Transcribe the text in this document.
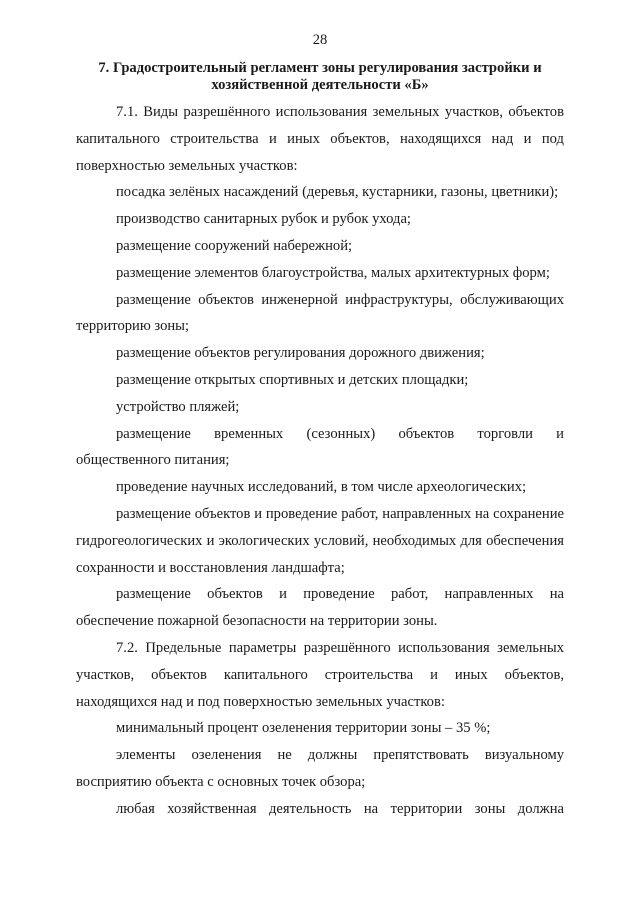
28
7. Градостроительный регламент зоны регулирования застройки и хозяйственной деятельности «Б»

7.1. Виды разрешённого использования земельных участков, объектов капитального строительства и иных объектов, находящихся над и под поверхностью земельных участков:

посадка зелёных насаждений (деревья, кустарники, газоны, цветники);

производство санитарных рубок и рубок ухода;

размещение сооружений набережной;

размещение элементов благоустройства, малых архитектурных форм;

размещение объектов инженерной инфраструктуры, обслуживающих территорию зоны;

размещение объектов регулирования дорожного движения;

размещение открытых спортивных и детских площадки;

устройство пляжей;

размещение временных (сезонных) объектов торговли и общественного питания;

проведение научных исследований, в том числе археологических;

размещение объектов и проведение работ, направленных на сохранение гидрогеологических и экологических условий, необходимых для обеспечения сохранности и восстановления ландшафта;

размещение объектов и проведение работ, направленных на обеспечение пожарной безопасности на территории зоны.

7.2. Предельные параметры разрешённого использования земельных участков, объектов капитального строительства и иных объектов, находящихся над и под поверхностью земельных участков:

минимальный процент озеленения территории зоны – 35 %;

элементы озеленения не должны препятствовать визуальному восприятию объекта с основных точек обзора;

любая хозяйственная деятельность на территории зоны должна
